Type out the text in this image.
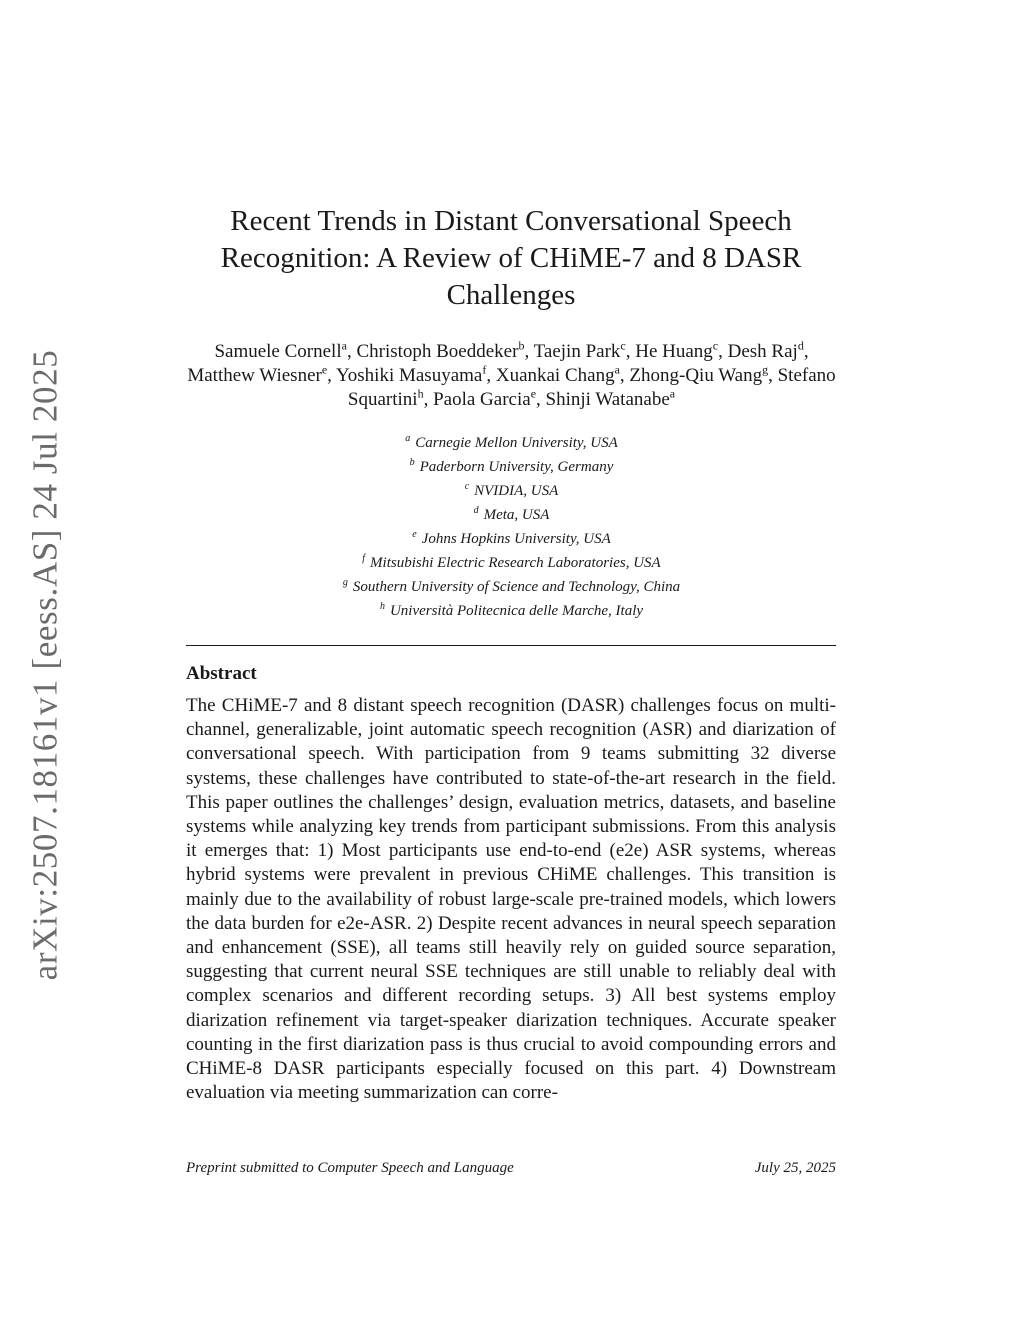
arXiv:2507.18161v1 [eess.AS] 24 Jul 2025
Recent Trends in Distant Conversational Speech Recognition: A Review of CHiME-7 and 8 DASR Challenges
Samuele Cornell$^a$, Christoph Boeddeker$^b$, Taejin Park$^c$, He Huang$^c$, Desh Raj$^d$, Matthew Wiesner$^e$, Yoshiki Masuyama$^f$, Xuankai Chang$^a$, Zhong-Qiu Wang$^g$, Stefano Squartini$^h$, Paola Garcia$^e$, Shinji Watanabe$^a$
$^a$ Carnegie Mellon University, USA
$^b$ Paderborn University, Germany
$^c$ NVIDIA, USA
$^d$ Meta, USA
$^e$ Johns Hopkins University, USA
$^f$ Mitsubishi Electric Research Laboratories, USA
$^g$ Southern University of Science and Technology, China
$^h$ Università Politecnica delle Marche, Italy
Abstract

The CHiME-7 and 8 distant speech recognition (DASR) challenges focus on multi-channel, generalizable, joint automatic speech recognition (ASR) and diarization of conversational speech. With participation from 9 teams submitting 32 diverse systems, these challenges have contributed to state-of-the-art research in the field. This paper outlines the challenges’ design, evaluation metrics, datasets, and baseline systems while analyzing key trends from participant submissions. From this analysis it emerges that: 1) Most participants use end-to-end (e2e) ASR systems, whereas hybrid systems were prevalent in previous CHiME challenges. This transition is mainly due to the availability of robust large-scale pre-trained models, which lowers the data burden for e2e-ASR. 2) Despite recent advances in neural speech separation and enhancement (SSE), all teams still heavily rely on guided source separation, suggesting that current neural SSE techniques are still unable to reliably deal with complex scenarios and different recording setups. 3) All best systems employ diarization refinement via target-speaker diarization techniques. Accurate speaker counting in the first diarization pass is thus crucial to avoid compounding errors and CHiME-8 DASR participants especially focused on this part. 4) Downstream evaluation via meeting summarization can corre-

Preprint submitted to Computer Speech and Language	July 25, 2025
